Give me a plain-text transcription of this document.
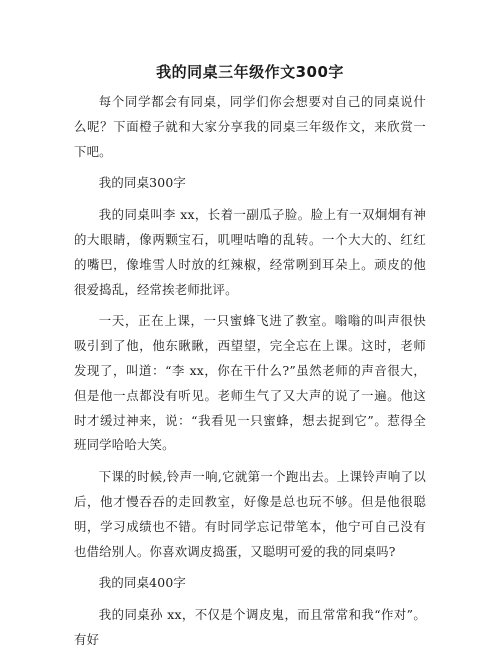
我的同桌三年级作文300字

每个同学都会有同桌，同学们你会想要对自己的同桌说什么呢？下面橙子就和大家分享我的同桌三年级作文，来欣赏一下吧。

我的同桌300字

我的同桌叫李 xx，长着一副瓜子脸。脸上有一双炯炯有神的大眼睛，像两颗宝石，叽哩咕噜的乱转。一个大大的、红红的嘴巴，像堆雪人时放的红辣椒，经常咧到耳朵上。顽皮的他很爱捣乱，经常挨老师批评。

一天，正在上课，一只蜜蜂飞进了教室。嗡嗡的叫声很快吸引到了他，他东瞅瞅，西望望，完全忘在上课。这时，老师发现了，叫道：“李 xx，你在干什么?”虽然老师的声音很大，但是他一点都没有听见。老师生气了又大声的说了一遍。他这时才缓过神来，说：“我看见一只蜜蜂，想去捉到它”。惹得全班同学哈哈大笑。

下课的时候,铃声一响,它就第一个跑出去。上课铃声响了以后，他才慢吞吞的走回教室，好像是总也玩不够。但是他很聪明，学习成绩也不错。有时同学忘记带笔本，他宁可自己没有也借给别人。你喜欢调皮捣蛋，又聪明可爱的我的同桌吗?

我的同桌400字

我的同桌孙 xx，不仅是个调皮鬼，而且常常和我“作对”。有好
